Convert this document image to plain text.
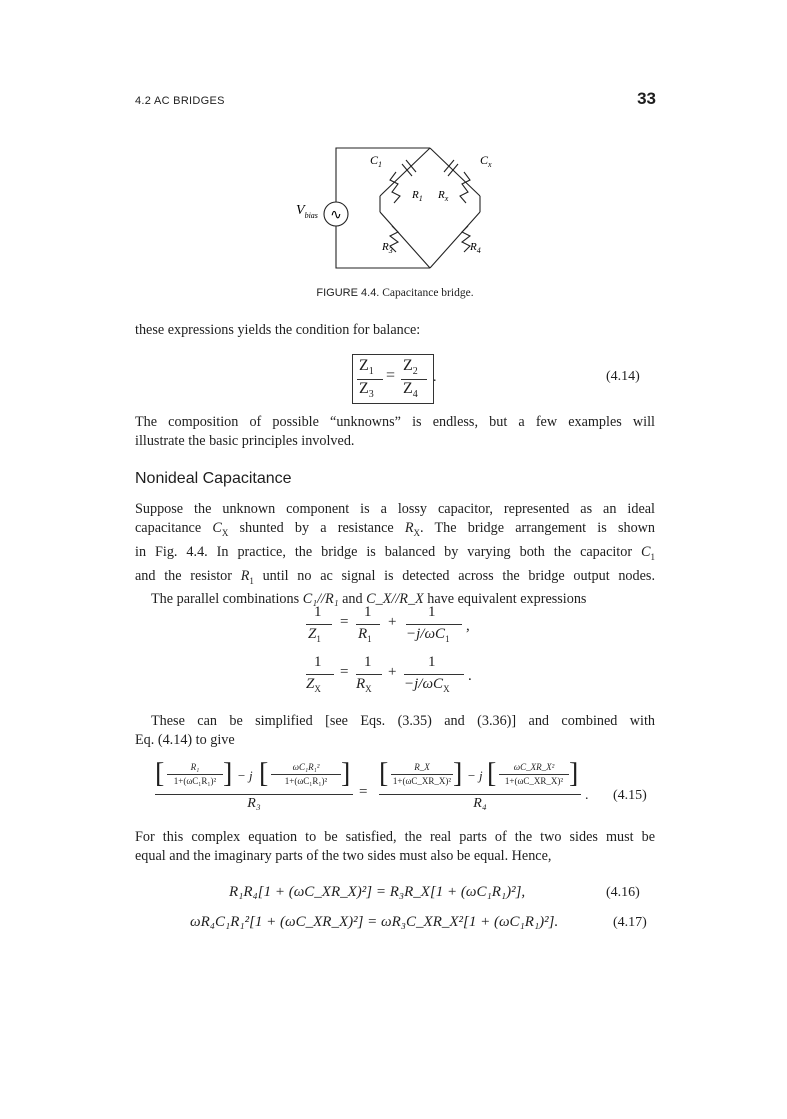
4.2 AC BRIDGES	33
∿
$C_1$	$C_x$
$R_1$ $R_x$
$R_3$	$R_4$
$V_{bias}$
FIGURE 4.4. Capacitance bridge.
these expressions yields the condition for balance:
$Z_1$
$Z_3$
=
$Z_2$
$Z_4$
.	(4.14)
The composition of possible “unknowns” is endless, but a few examples will
illustrate the basic principles involved.
Nonideal Capacitance
Suppose the unknown component is a lossy capacitor, represented as an ideal
capacitance $C_X$ shunted by a resistance $R_X$. The bridge arrangement is shown
in Fig. 4.4. In practice, the bridge is balanced by varying both the capacitor $C_1$
and the resistor $R_1$ until no ac signal is detected across the bridge output nodes.
The parallel combinations C₁//R₁ and C_X//R_X have equivalent expressions
1
$Z_1$
=
1
$R_1$
+
1
$-j/\omega C_1$
,
1
$Z_X$
=
1
$R_X$
+
1
$-j/\omega C_X$
.
These can be simplified [see Eqs. (3.35) and (3.36)] and combined with
Eq. (4.14) to give
[	R₁
1+(ωC₁R₁)² ] − j [	ωC₁R₁²
1+(ωC₁R₁)² ]
R₃
=
[	R_X
1+(ωC_XR_X)² ] − j [	ωC_XR_X²
1+(ωC_XR_X)² ]
R₄
. (4.15)
For this complex equation to be satisfied, the real parts of the two sides must be
equal and the imaginary parts of the two sides must also be equal. Hence,
R₁R₄[1 + (ωC_XR_X)²] = R₃R_X[1 + (ωC₁R₁)²],	(4.16)
ωR₄C₁R₁²[1 + (ωC_XR_X)²] = ωR₃C_XR_X²[1 + (ωC₁R₁)²].	(4.17)
